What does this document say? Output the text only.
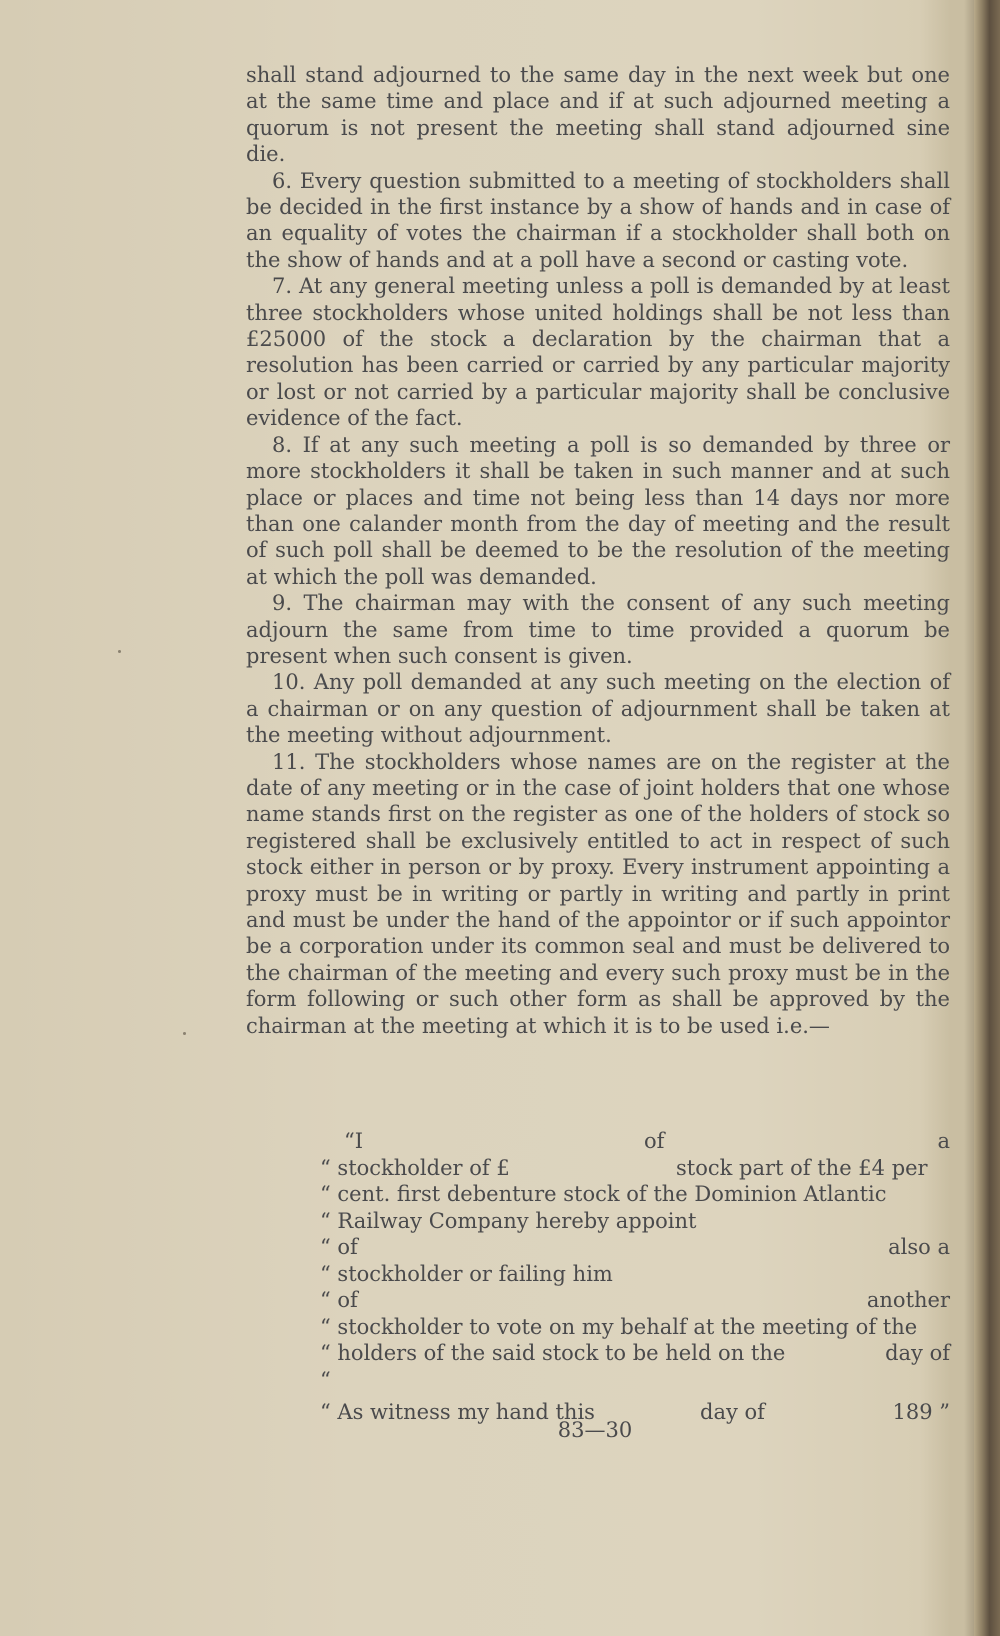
shall stand adjourned to the same day in the next week but one at the same time and place and if at such adjourned meeting a quorum is not present the meeting shall stand adjourned sine die.

6. Every question submitted to a meeting of stockholders shall be decided in the first instance by a show of hands and in case of an equality of votes the chairman if a stockholder shall both on the show of hands and at a poll have a second or casting vote.

7. At any general meeting unless a poll is demanded by at least three stockholders whose united holdings shall be not less than £25000 of the stock a declaration by the chairman that a resolution has been carried or carried by any particular majority or lost or not carried by a particular majority shall be conclusive evidence of the fact.

8. If at any such meeting a poll is so demanded by three or more stockholders it shall be taken in such manner and at such place or places and time not being less than 14 days nor more than one calander month from the day of meeting and the result of such poll shall be deemed to be the resolution of the meeting at which the poll was demanded.

9. The chairman may with the consent of any such meeting adjourn the same from time to time provided a quorum be present when such consent is given.

10. Any poll demanded at any such meeting on the election of a chairman or on any question of adjournment shall be taken at the meeting without adjournment.

11. The stockholders whose names are on the register at the date of any meeting or in the case of joint holders that one whose name stands first on the register as one of the holders of stock so registered shall be exclusively entitled to act in respect of such stock either in person or by proxy. Every instrument appointing a proxy must be in writing or partly in writing and partly in print and must be under the hand of the appointor or if such appointor be a corporation under its common seal and must be delivered to the chairman of the meeting and every such proxy must be in the form following or such other form as shall be approved by the chairman at the meeting at which it is to be used i.e.—

“I	of	a
“ stockholder of £	stock part of the £4 per
“ cent. first debenture stock of the Dominion Atlantic
“ Railway Company hereby appoint
“ of	also a
“ stockholder or failing him
“ of	another
“ stockholder to vote on my behalf at the meeting of the
“ holders of the said stock to be held on the	day of
“
“ As witness my hand this	day of	189 ”
83—30
